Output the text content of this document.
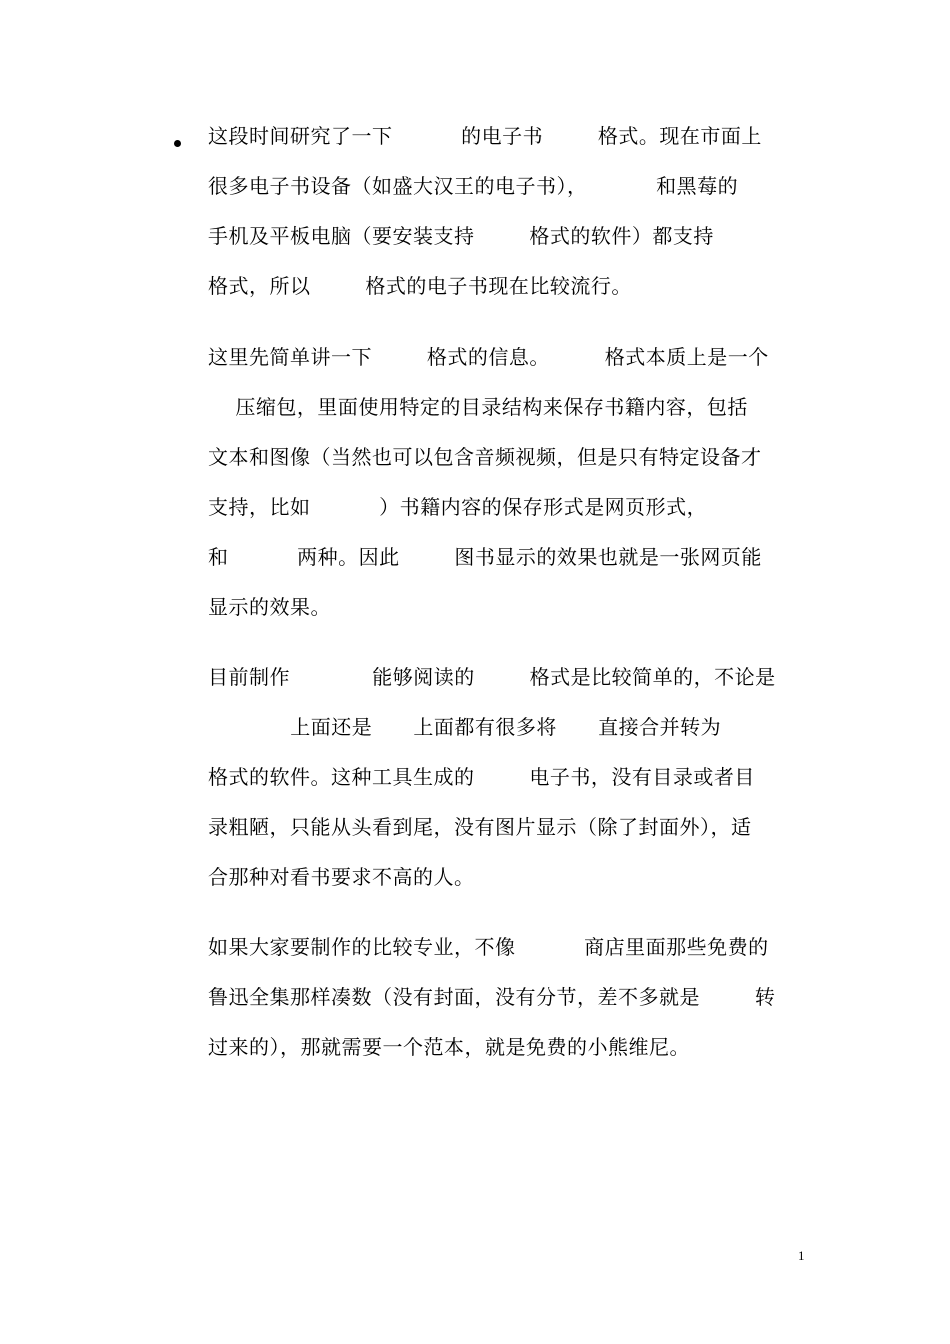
这段时间研究了一下          的电子书        格式。现在市面上
很多电子书设备（如盛大汉王的电子书），          和黑莓的
手机及平板电脑（要安装支持        格式的软件）都支持
格式，所以        格式的电子书现在比较流行。
这里先简单讲一下        格式的信息。        格式本质上是一个
压缩包，里面使用特定的目录结构来保存书籍内容，包括
文本和图像（当然也可以包含音频视频，但是只有特定设备才
支持，比如          ）书籍内容的保存形式是网页形式，
和          两种。因此        图书显示的效果也就是一张网页能
显示的效果。
目前制作            能够阅读的        格式是比较简单的，不论是
上面还是      上面都有很多将      直接合并转为
格式的软件。这种工具生成的        电子书，没有目录或者目
录粗陋，只能从头看到尾，没有图片显示（除了封面外），适
合那种对看书要求不高的人。
如果大家要制作的比较专业，不像          商店里面那些免费的
鲁迅全集那样凑数（没有封面，没有分节，差不多就是        转
过来的），那就需要一个范本，就是免费的小熊维尼。
1
